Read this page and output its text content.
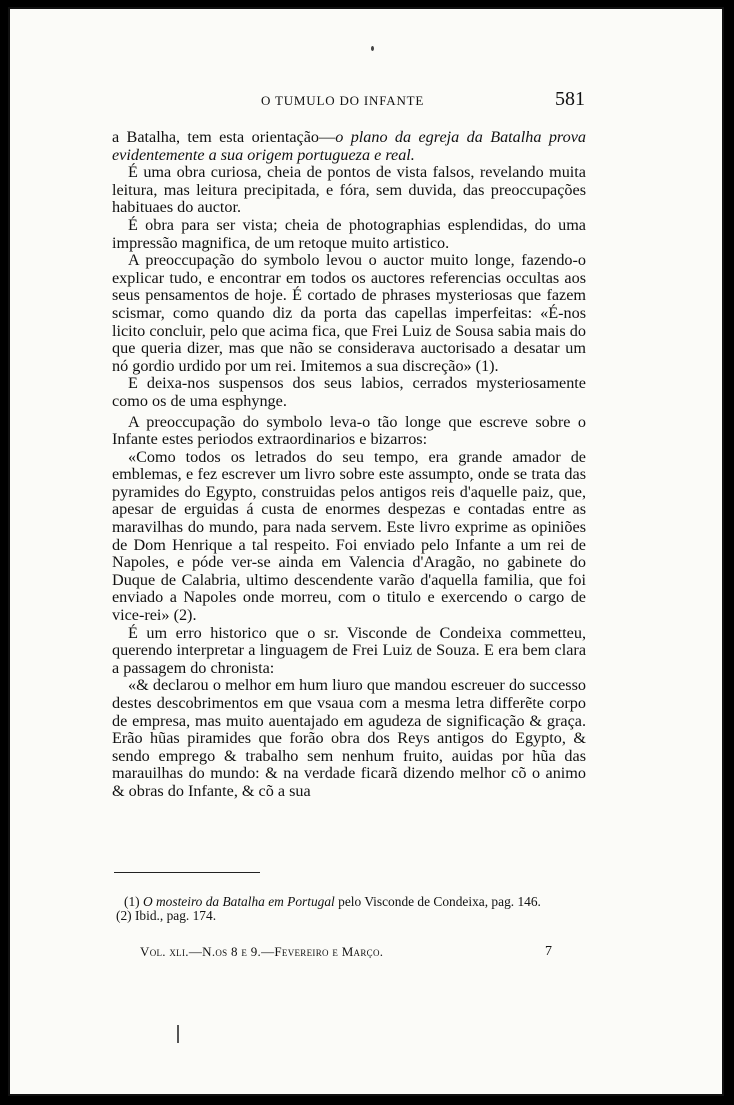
O TUMULO DO INFANTE	581

a Batalha, tem esta orientação—o plano da egreja da Batalha prova evidentemente a sua origem portugueza e real.

É uma obra curiosa, cheia de pontos de vista falsos, revelando muita leitura, mas leitura precipitada, e fóra, sem duvida, das preoccupações habituaes do auctor.

É obra para ser vista; cheia de photographias esplendidas, do uma impressão magnifica, de um retoque muito artistico.

A preoccupação do symbolo levou o auctor muito longe, fazendo-o explicar tudo, e encontrar em todos os auctores referencias occultas aos seus pensamentos de hoje. É cortado de phrases mysteriosas que fazem scismar, como quando diz da porta das capellas imperfeitas: «É-nos licito concluir, pelo que acima fica, que Frei Luiz de Sousa sabia mais do que queria dizer, mas que não se considerava auctorisado a desatar um nó gordio urdido por um rei. Imitemos a sua discreção» (1).

E deixa-nos suspensos dos seus labios, cerrados mysteriosamente como os de uma esphynge.

A preoccupação do symbolo leva-o tão longe que escreve sobre o Infante estes periodos extraordinarios e bizarros:

«Como todos os letrados do seu tempo, era grande amador de emblemas, e fez escrever um livro sobre este assumpto, onde se trata das pyramides do Egypto, construidas pelos antigos reis d'aquelle paiz, que, apesar de erguidas á custa de enormes despezas e contadas entre as maravilhas do mundo, para nada servem. Este livro exprime as opiniões de Dom Henrique a tal respeito. Foi enviado pelo Infante a um rei de Napoles, e póde ver-se ainda em Valencia d'Aragão, no gabinete do Duque de Calabria, ultimo descendente varão d'aquella familia, que foi enviado a Napoles onde morreu, com o titulo e exercendo o cargo de vice-rei» (2).

É um erro historico que o sr. Visconde de Condeixa commetteu, querendo interpretar a linguagem de Frei Luiz de Souza. E era bem clara a passagem do chronista:

«& declarou o melhor em hum liuro que mandou escreuer do successo destes descobrimentos em que vsaua com a mesma letra differẽte corpo de empresa, mas muito auentajado em agudeza de significação & graça. Erão hũas piramides que forão obra dos Reys antigos do Egypto, & sendo emprego & trabalho sem nenhum fruito, auidas por hũa das marauilhas do mundo: & na verdade ficarã dizendo melhor cõ o animo & obras do Infante, & cõ a sua

(1) O mosteiro da Batalha em Portugal pelo Visconde de Condeixa, pag. 146.

(2) Ibid., pag. 174.

Vol. xli.—N.os 8 e 9.—Fevereiro e Março.	7
